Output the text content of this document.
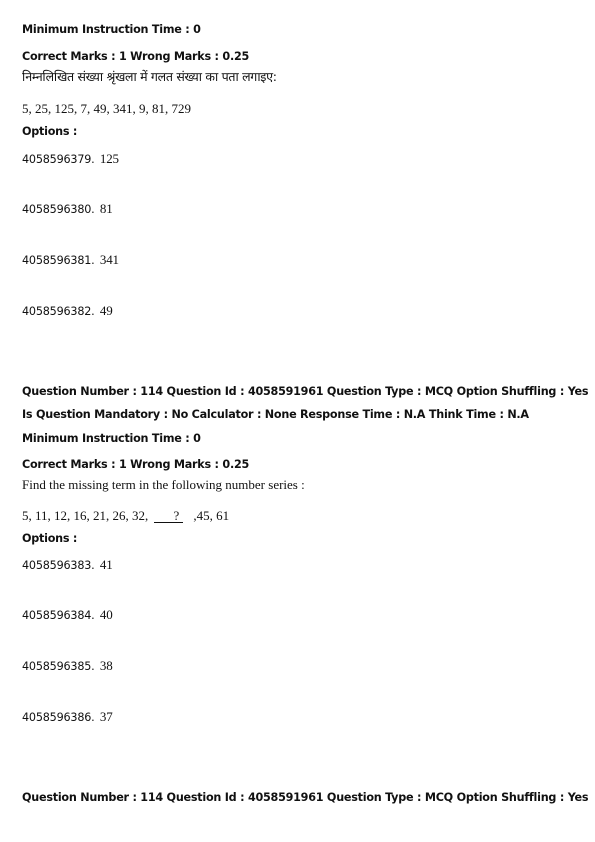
Minimum Instruction Time : 0
Correct Marks : 1 Wrong Marks : 0.25
निम्नलिखित संख्या श्रृंखला में गलत संख्या का पता लगाइए:
5, 25, 125, 7, 49, 341, 9, 81, 729
Options :
4058596379. 125
4058596380. 81
4058596381. 341
4058596382. 49
Question Number : 114 Question Id : 4058591961 Question Type : MCQ Option Shuffling : Yes
Is Question Mandatory : No Calculator : None Response Time : N.A Think Time : N.A
Minimum Instruction Time : 0
Correct Marks : 1 Wrong Marks : 0.25
Find the missing term in the following number series :
5, 11, 12, 16, 21, 26, 32, ? ,45, 61
Options :
4058596383. 41
4058596384. 40
4058596385. 38
4058596386. 37
Question Number : 114 Question Id : 4058591961 Question Type : MCQ Option Shuffling : Yes
